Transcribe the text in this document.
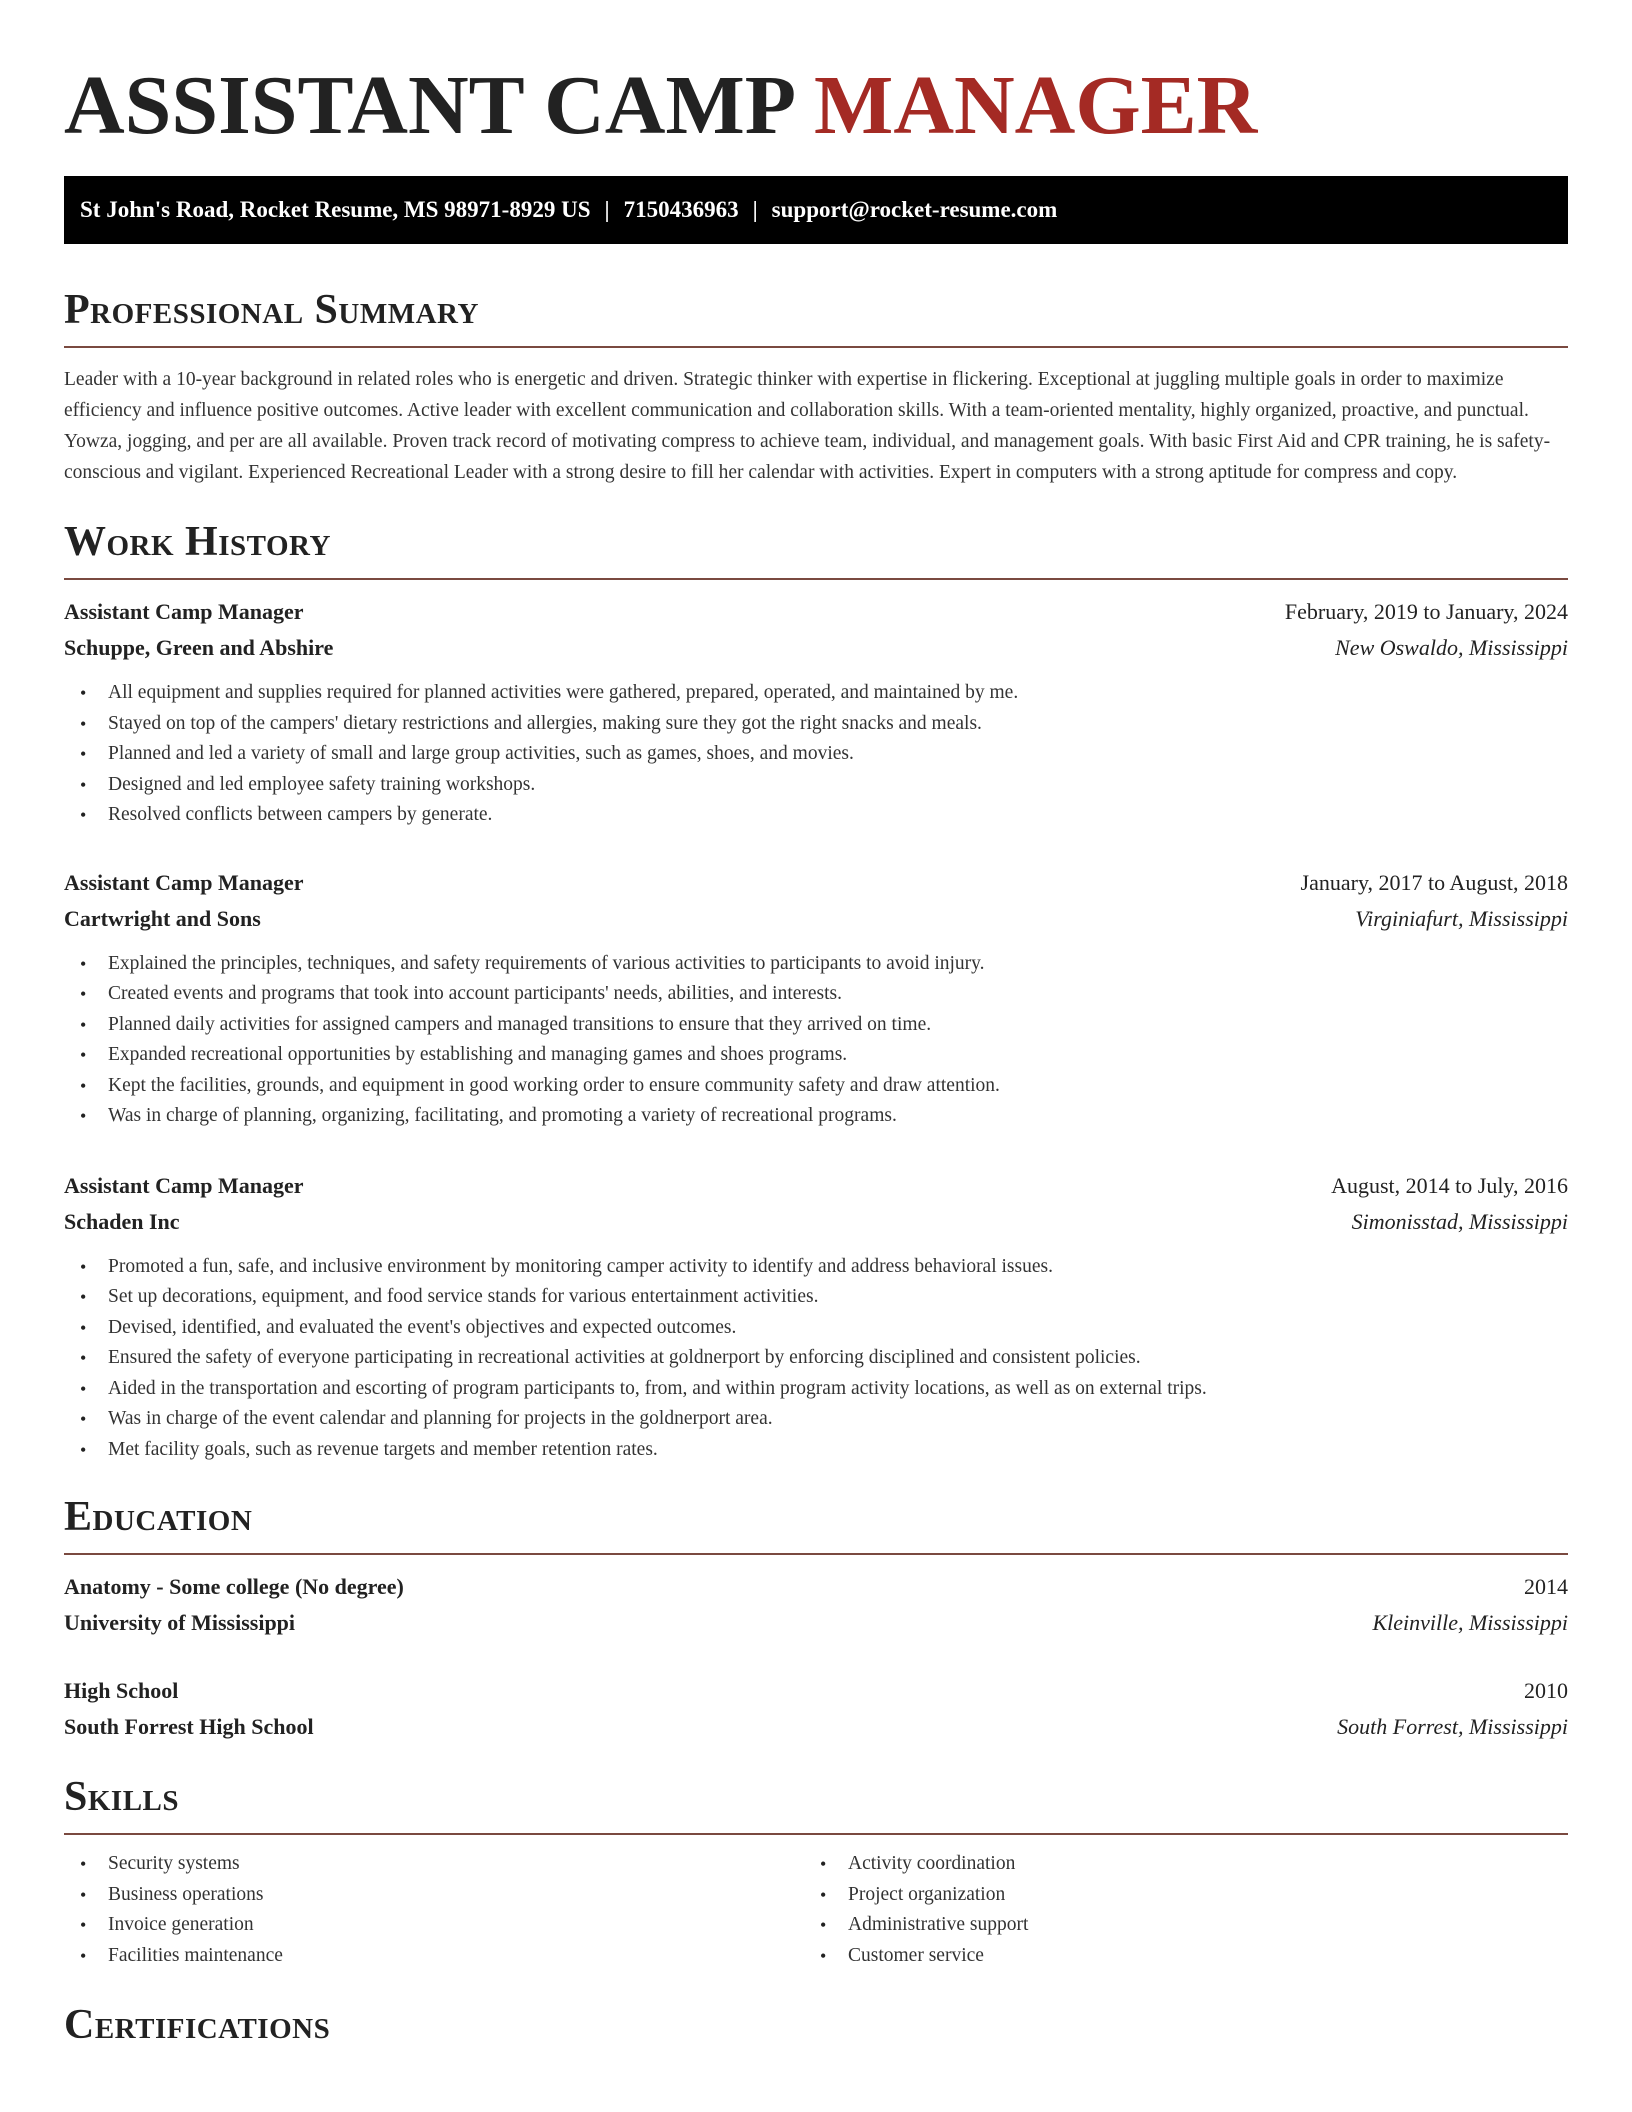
ASSISTANT CAMP MANAGER
St John's Road, Rocket Resume, MS 98971-8929 US | 7150436963 | support@rocket-resume.com
Professional Summary
Leader with a 10-year background in related roles who is energetic and driven. Strategic thinker with expertise in flickering. Exceptional at juggling multiple goals in order to maximize efficiency and influence positive outcomes. Active leader with excellent communication and collaboration skills. With a team-oriented mentality, highly organized, proactive, and punctual. Yowza, jogging, and per are all available. Proven track record of motivating compress to achieve team, individual, and management goals. With basic First Aid and CPR training, he is safety-conscious and vigilant. Experienced Recreational Leader with a strong desire to fill her calendar with activities. Expert in computers with a strong aptitude for compress and copy.
Work History
Assistant Camp Manager	February, 2019 to January, 2024
Schuppe, Green and Abshire	New Oswaldo, Mississippi
• All equipment and supplies required for planned activities were gathered, prepared, operated, and maintained by me.
• Stayed on top of the campers' dietary restrictions and allergies, making sure they got the right snacks and meals.
• Planned and led a variety of small and large group activities, such as games, shoes, and movies.
• Designed and led employee safety training workshops.
• Resolved conflicts between campers by generate.
Assistant Camp Manager	January, 2017 to August, 2018
Cartwright and Sons	Virginiafurt, Mississippi
• Explained the principles, techniques, and safety requirements of various activities to participants to avoid injury.
• Created events and programs that took into account participants' needs, abilities, and interests.
• Planned daily activities for assigned campers and managed transitions to ensure that they arrived on time.
• Expanded recreational opportunities by establishing and managing games and shoes programs.
• Kept the facilities, grounds, and equipment in good working order to ensure community safety and draw attention.
• Was in charge of planning, organizing, facilitating, and promoting a variety of recreational programs.
Assistant Camp Manager	August, 2014 to July, 2016
Schaden Inc	Simonisstad, Mississippi
• Promoted a fun, safe, and inclusive environment by monitoring camper activity to identify and address behavioral issues.
• Set up decorations, equipment, and food service stands for various entertainment activities.
• Devised, identified, and evaluated the event's objectives and expected outcomes.
• Ensured the safety of everyone participating in recreational activities at goldnerport by enforcing disciplined and consistent policies.
• Aided in the transportation and escorting of program participants to, from, and within program activity locations, as well as on external trips.
• Was in charge of the event calendar and planning for projects in the goldnerport area.
• Met facility goals, such as revenue targets and member retention rates.
Education
Anatomy - Some college (No degree)	2014
University of Mississippi	Kleinville, Mississippi
High School	2010
South Forrest High School	South Forrest, Mississippi
Skills
• Security systems
• Business operations
• Invoice generation
• Facilities maintenance
• Activity coordination
• Project organization
• Administrative support
• Customer service
Certifications
